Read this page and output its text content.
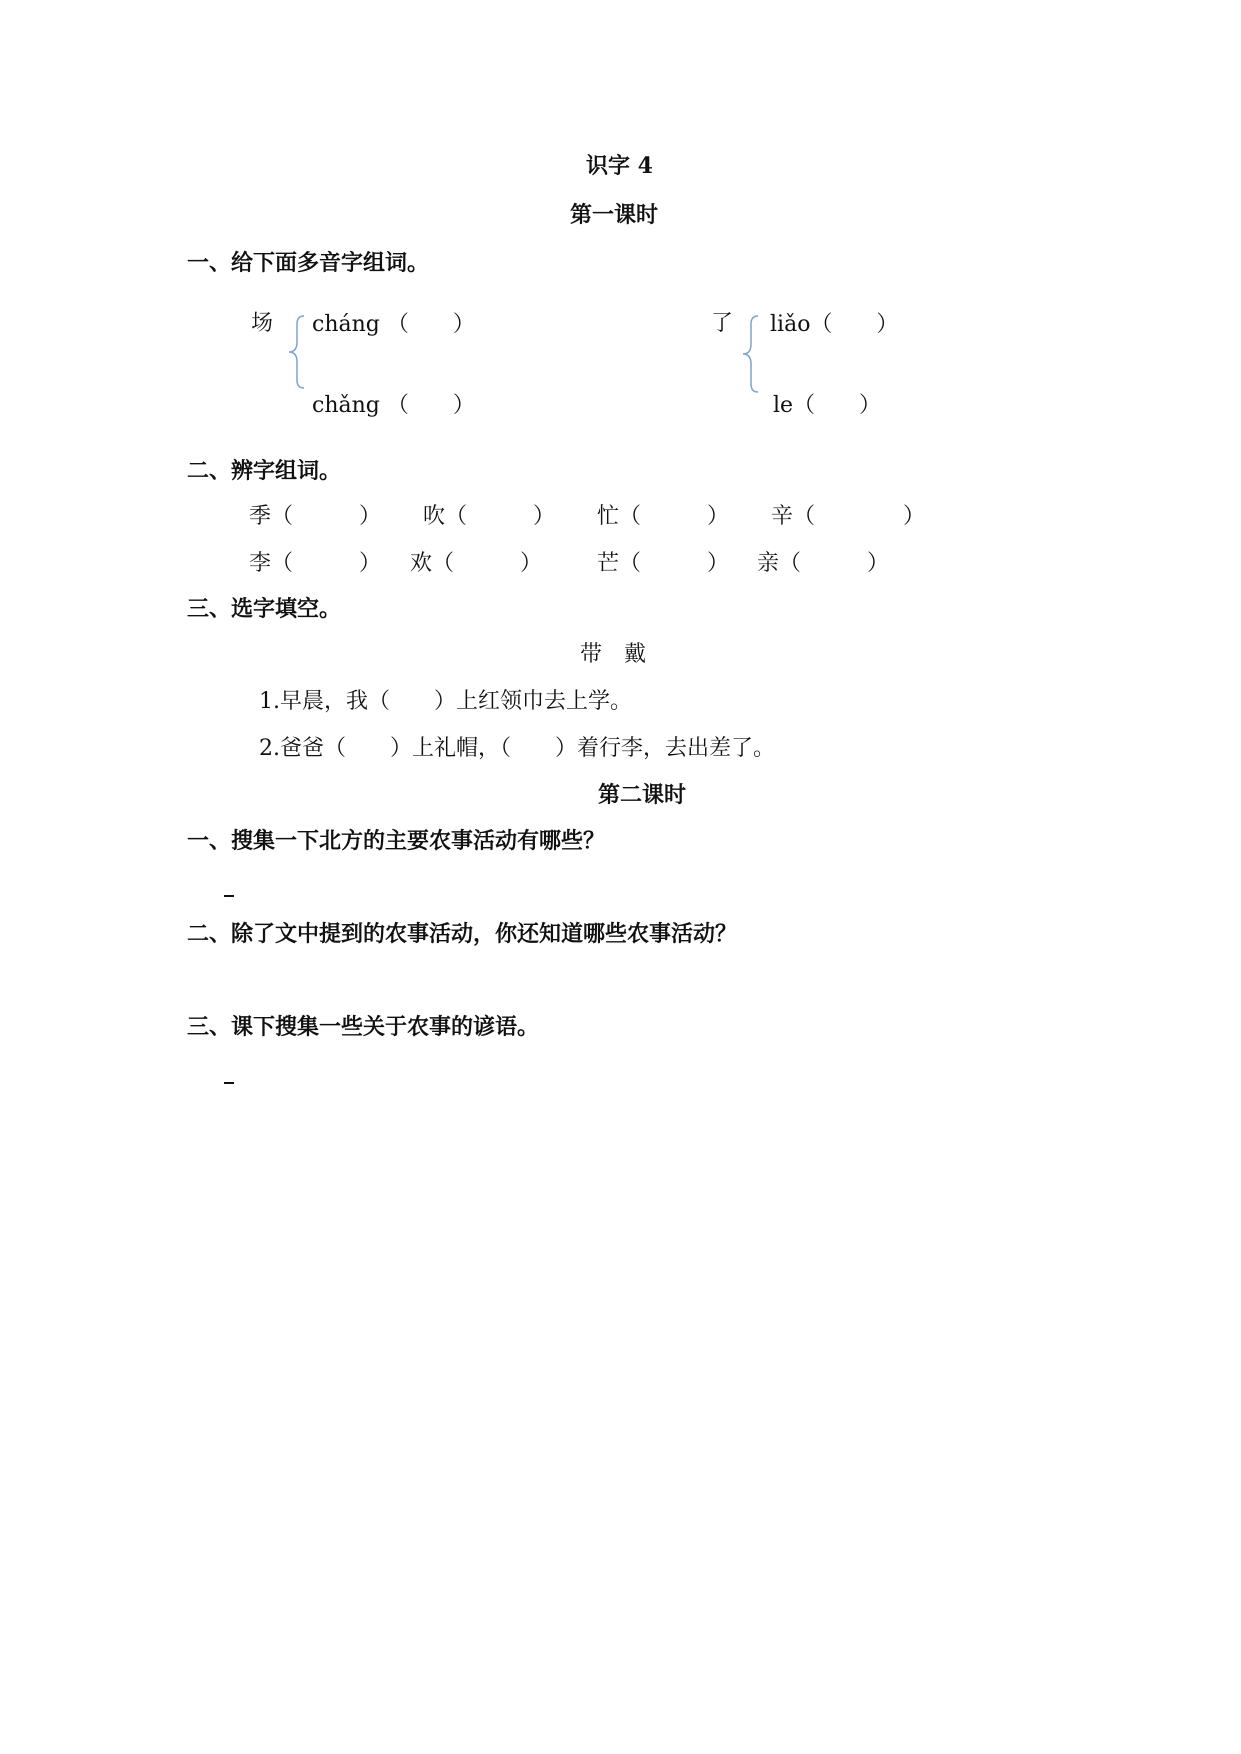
识字 4
第一课时
一、给下面多音字组词。
场 cháng （　　）
chǎng （　　）
了 liǎo（　　）
le（　　）
二、辨字组词。
季（　　　） 吹（　　　） 忙（　　　） 辛（　　　　）
李（　　　） 欢（　　　） 芒（　　　） 亲（　　　）
三、选字填空。
带　戴
1.早晨，我（　　）上红领巾去上学。
2.爸爸（　　）上礼帽，（　　）着行李，去出差了。
第二课时
一、搜集一下北方的主要农事活动有哪些？
二、除了文中提到的农事活动，你还知道哪些农事活动？
三、课下搜集一些关于农事的谚语。
